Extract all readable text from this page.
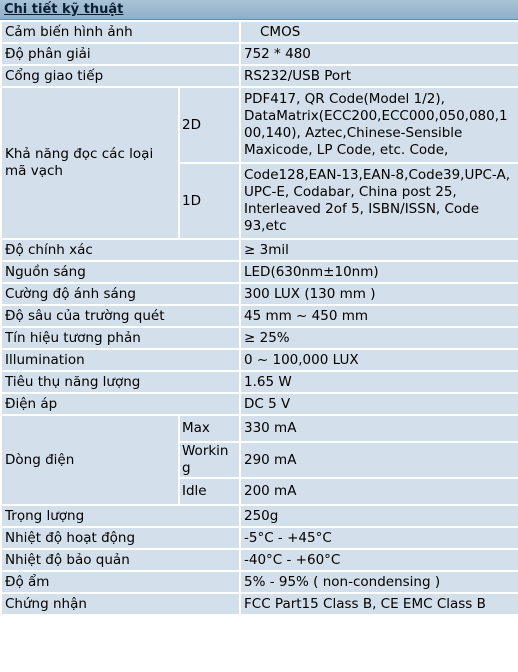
Chi tiết kỹ thuật
Cảm biến hình ảnh		CMOS
Độ phân giải		752 * 480
Cổng giao tiếp		RS232/USB Port
Khả năng đọc các loại mã vạch	2D	PDF417, QR Code(Model 1/2), DataMatrix(ECC200,ECC000,050,080,100,140), Aztec,Chinese-Sensible Maxicode, LP Code, etc. Code,
	1D	Code128,EAN-13,EAN-8,Code39,UPC-A, UPC-E, Codabar, China post 25, Interleaved 2of 5, ISBN/ISSN, Code 93,etc
Độ chính xác		≥ 3mil
Nguồn sáng		LED(630nm±10nm)
Cường độ ánh sáng		300 LUX (130 mm )
Độ sâu của trường quét		45 mm ~ 450 mm
Tín hiệu tương phản		≥ 25%
Illumination		0 ~ 100,000 LUX
Tiêu thụ năng lượng		1.65 W
Điện áp		DC 5 V
Dòng điện	Max	330 mA
	Working	290 mA
	Idle	200 mA
Trọng lượng		250g
Nhiệt độ hoạt động		-5°C - +45°C
Nhiệt độ bảo quản		-40°C - +60°C
Độ ẩm		5% - 95% ( non-condensing )
Chứng nhận		FCC Part15 Class B, CE EMC Class B
